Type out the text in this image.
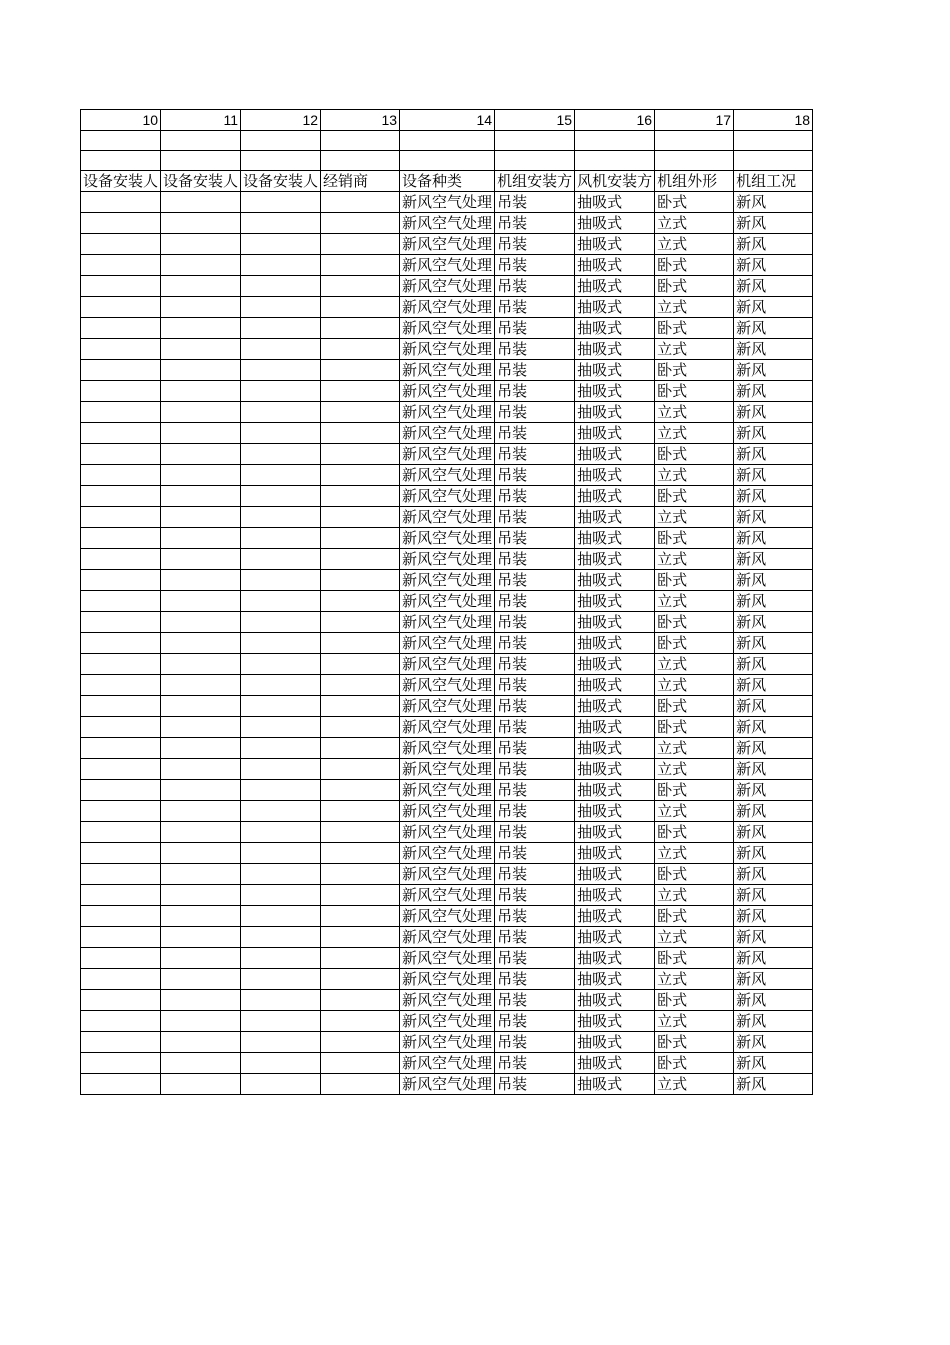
10	11	12	13	14	15	16	17	18

设备安装人	设备安装人	设备安装人	经销商	设备种类	机组安装方	风机安装方	机组外形	机组工况
				新风空气处理	吊装	抽吸式	卧式	新风
				新风空气处理	吊装	抽吸式	立式	新风
				新风空气处理	吊装	抽吸式	立式	新风
				新风空气处理	吊装	抽吸式	卧式	新风
				新风空气处理	吊装	抽吸式	卧式	新风
				新风空气处理	吊装	抽吸式	立式	新风
				新风空气处理	吊装	抽吸式	卧式	新风
				新风空气处理	吊装	抽吸式	立式	新风
				新风空气处理	吊装	抽吸式	卧式	新风
				新风空气处理	吊装	抽吸式	卧式	新风
				新风空气处理	吊装	抽吸式	立式	新风
				新风空气处理	吊装	抽吸式	立式	新风
				新风空气处理	吊装	抽吸式	卧式	新风
				新风空气处理	吊装	抽吸式	立式	新风
				新风空气处理	吊装	抽吸式	卧式	新风
				新风空气处理	吊装	抽吸式	立式	新风
				新风空气处理	吊装	抽吸式	卧式	新风
				新风空气处理	吊装	抽吸式	立式	新风
				新风空气处理	吊装	抽吸式	卧式	新风
				新风空气处理	吊装	抽吸式	立式	新风
				新风空气处理	吊装	抽吸式	卧式	新风
				新风空气处理	吊装	抽吸式	卧式	新风
				新风空气处理	吊装	抽吸式	立式	新风
				新风空气处理	吊装	抽吸式	立式	新风
				新风空气处理	吊装	抽吸式	卧式	新风
				新风空气处理	吊装	抽吸式	卧式	新风
				新风空气处理	吊装	抽吸式	立式	新风
				新风空气处理	吊装	抽吸式	立式	新风
				新风空气处理	吊装	抽吸式	卧式	新风
				新风空气处理	吊装	抽吸式	立式	新风
				新风空气处理	吊装	抽吸式	卧式	新风
				新风空气处理	吊装	抽吸式	立式	新风
				新风空气处理	吊装	抽吸式	卧式	新风
				新风空气处理	吊装	抽吸式	立式	新风
				新风空气处理	吊装	抽吸式	卧式	新风
				新风空气处理	吊装	抽吸式	立式	新风
				新风空气处理	吊装	抽吸式	卧式	新风
				新风空气处理	吊装	抽吸式	立式	新风
				新风空气处理	吊装	抽吸式	卧式	新风
				新风空气处理	吊装	抽吸式	立式	新风
				新风空气处理	吊装	抽吸式	卧式	新风
				新风空气处理	吊装	抽吸式	卧式	新风
				新风空气处理	吊装	抽吸式	立式	新风
